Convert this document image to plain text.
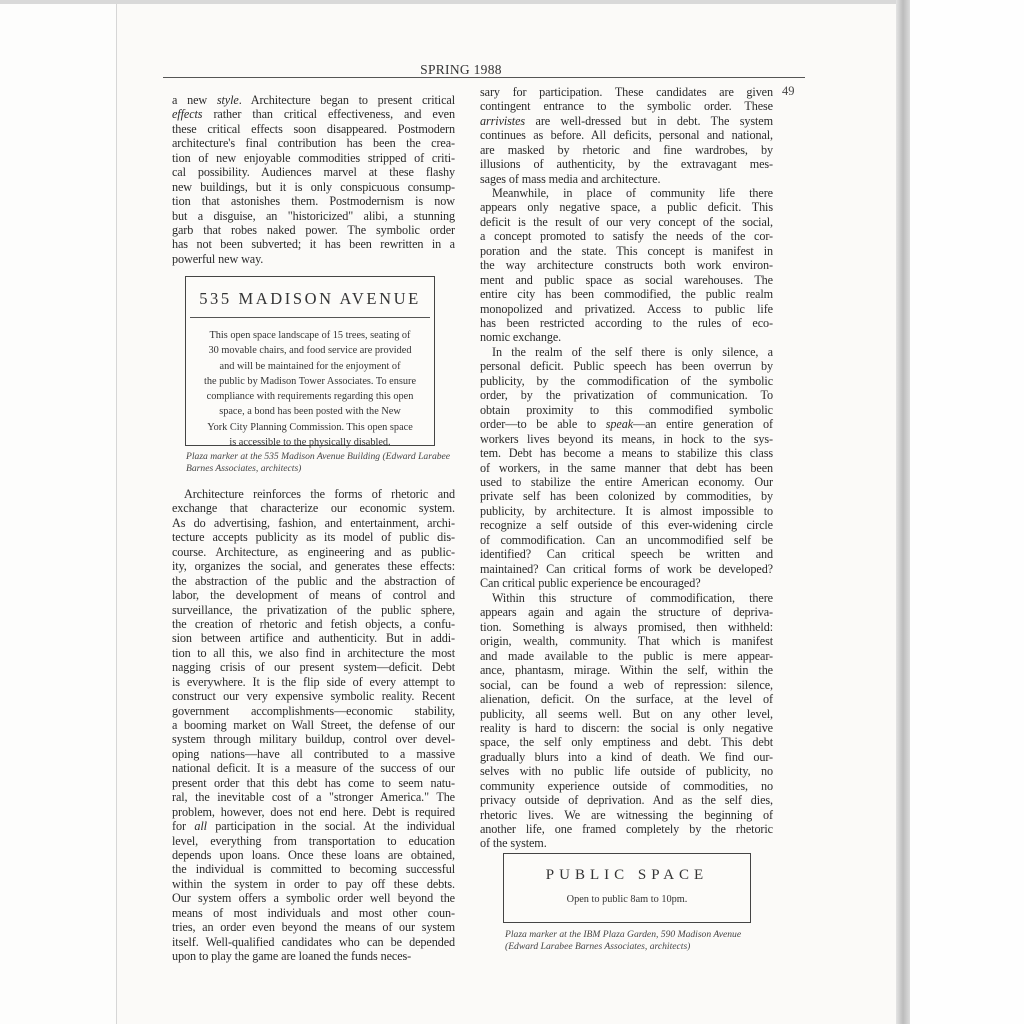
SPRING 1988
49
a new style. Architecture began to present critical
effects rather than critical effectiveness, and even
these critical effects soon disappeared. Postmodern
architecture's final contribution has been the crea-
tion of new enjoyable commodities stripped of criti-
cal possibility. Audiences marvel at these flashy
new buildings, but it is only conspicuous consump-
tion that astonishes them. Postmodernism is now
but a disguise, an "historicized" alibi, a stunning
garb that robes naked power. The symbolic order
has not been subverted; it has been rewritten in a
powerful new way.
535 MADISON AVENUE
This open space landscape of 15 trees, seating of
30 movable chairs, and food service are provided
and will be maintained for the enjoyment of
the public by Madison Tower Associates. To ensure
compliance with requirements regarding this open
space, a bond has been posted with the New
York City Planning Commission. This open space
is accessible to the physically disabled.
Plaza marker at the 535 Madison Avenue Building (Edward Larabee Barnes Associates, architects)
Architecture reinforces the forms of rhetoric and
exchange that characterize our economic system.
As do advertising, fashion, and entertainment, archi-
tecture accepts publicity as its model of public dis-
course. Architecture, as engineering and as public-
ity, organizes the social, and generates these effects:
the abstraction of the public and the abstraction of
labor, the development of means of control and
surveillance, the privatization of the public sphere,
the creation of rhetoric and fetish objects, a confu-
sion between artifice and authenticity. But in addi-
tion to all this, we also find in architecture the most
nagging crisis of our present system—deficit. Debt
is everywhere. It is the flip side of every attempt to
construct our very expensive symbolic reality. Recent
government accomplishments—economic stability,
a booming market on Wall Street, the defense of our
system through military buildup, control over devel-
oping nations—have all contributed to a massive
national deficit. It is a measure of the success of our
present order that this debt has come to seem natu-
ral, the inevitable cost of a "stronger America." The
problem, however, does not end here. Debt is required
for all participation in the social. At the individual
level, everything from transportation to education
depends upon loans. Once these loans are obtained,
the individual is committed to becoming successful
within the system in order to pay off these debts.
Our system offers a symbolic order well beyond the
means of most individuals and most other coun-
tries, an order even beyond the means of our system
itself. Well-qualified candidates who can be depended
upon to play the game are loaned the funds neces-
sary for participation. These candidates are given
contingent entrance to the symbolic order. These
arrivistes are well-dressed but in debt. The system
continues as before. All deficits, personal and national,
are masked by rhetoric and fine wardrobes, by
illusions of authenticity, by the extravagant mes-
sages of mass media and architecture.
Meanwhile, in place of community life there
appears only negative space, a public deficit. This
deficit is the result of our very concept of the social,
a concept promoted to satisfy the needs of the cor-
poration and the state. This concept is manifest in
the way architecture constructs both work environ-
ment and public space as social warehouses. The
entire city has been commodified, the public realm
monopolized and privatized. Access to public life
has been restricted according to the rules of eco-
nomic exchange.
In the realm of the self there is only silence, a
personal deficit. Public speech has been overrun by
publicity, by the commodification of the symbolic
order, by the privatization of communication. To
obtain proximity to this commodified symbolic
order—to be able to speak—an entire generation of
workers lives beyond its means, in hock to the sys-
tem. Debt has become a means to stabilize this class
of workers, in the same manner that debt has been
used to stabilize the entire American economy. Our
private self has been colonized by commodities, by
publicity, by architecture. It is almost impossible to
recognize a self outside of this ever-widening circle
of commodification. Can an uncommodified self be
identified? Can critical speech be written and
maintained? Can critical forms of work be developed?
Can critical public experience be encouraged?
Within this structure of commodification, there
appears again and again the structure of depriva-
tion. Something is always promised, then withheld:
origin, wealth, community. That which is manifest
and made available to the public is mere appear-
ance, phantasm, mirage. Within the self, within the
social, can be found a web of repression: silence,
alienation, deficit. On the surface, at the level of
publicity, all seems well. But on any other level,
reality is hard to discern: the social is only negative
space, the self only emptiness and debt. This debt
gradually blurs into a kind of death. We find our-
selves with no public life outside of publicity, no
community experience outside of commodities, no
privacy outside of deprivation. And as the self dies,
rhetoric lives. We are witnessing the beginning of
another life, one framed completely by the rhetoric
of the system.
PUBLIC SPACE
Open to public 8am to 10pm.
Plaza marker at the IBM Plaza Garden, 590 Madison Avenue (Edward Larabee Barnes Associates, architects)
